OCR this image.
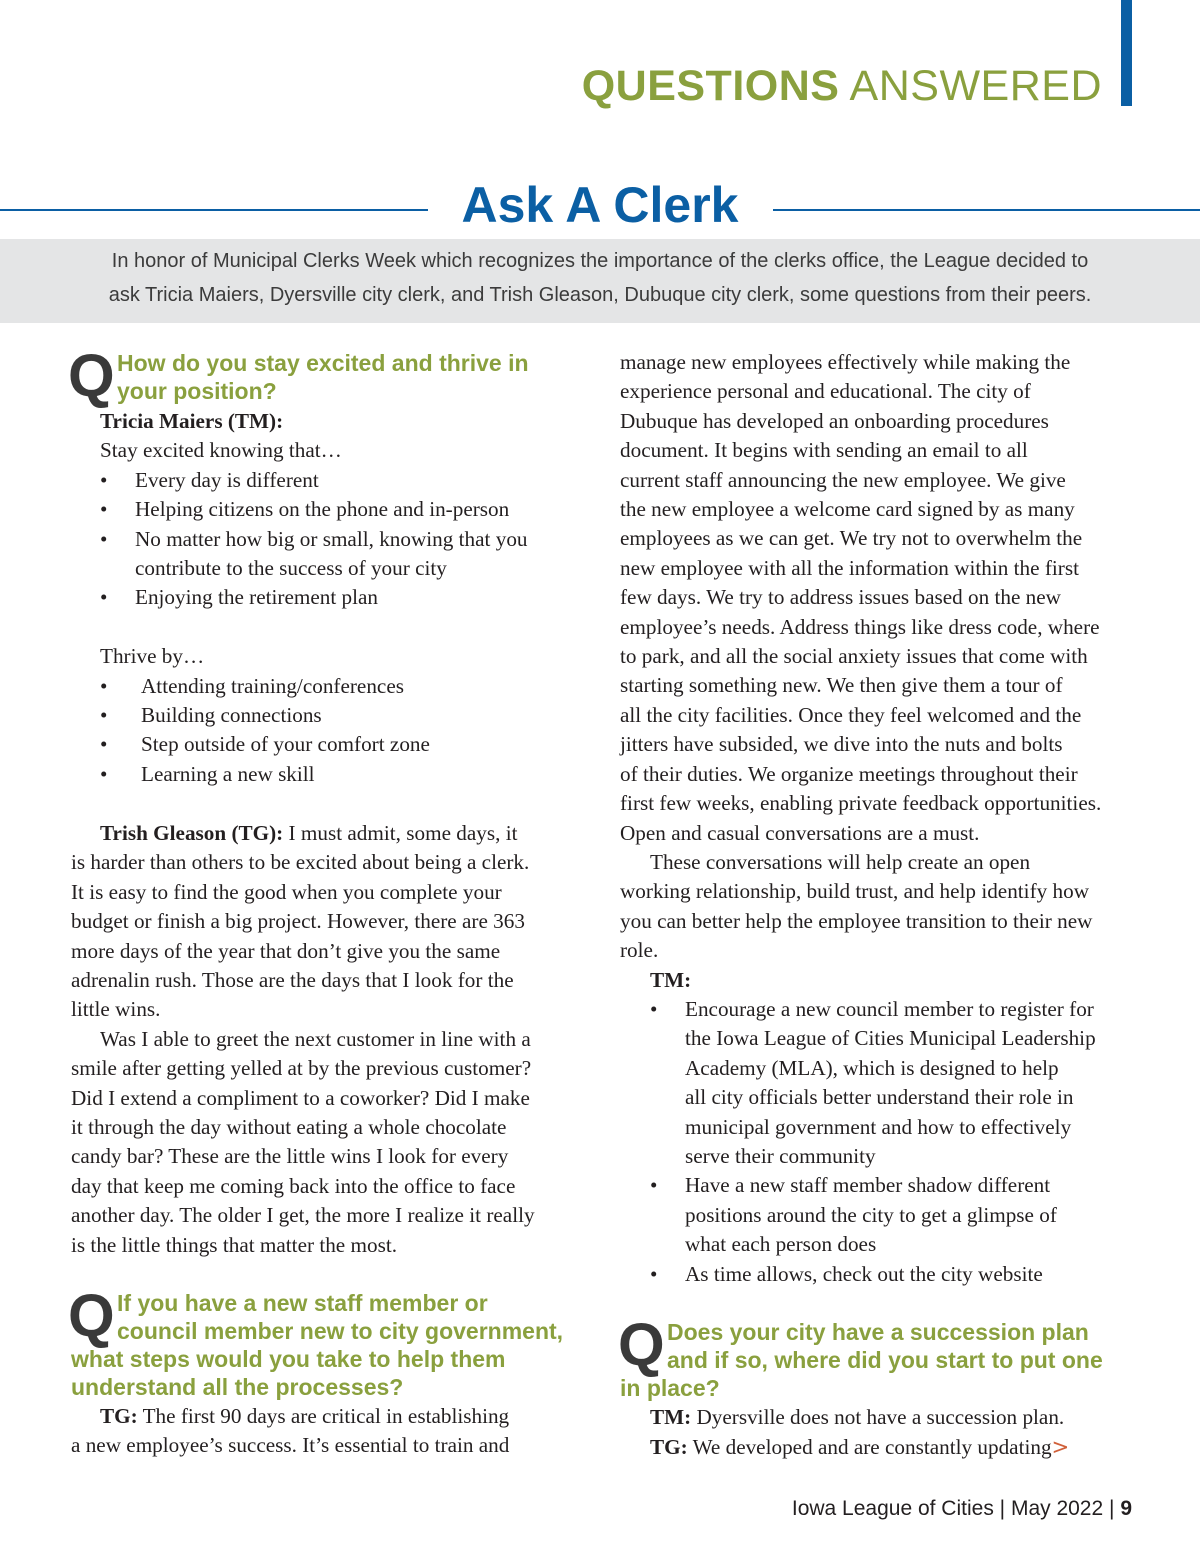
QUESTIONS ANSWERED
Ask A Clerk

In honor of Municipal Clerks Week which recognizes the importance of the clerks office, the League decided to
ask Tricia Maiers, Dyersville city clerk, and Trish Gleason, Dubuque city clerk, some questions from their peers.

Q How do you stay excited and thrive in

your position?

Tricia Maiers (TM):

Stay excited knowing that…

• Every day is different

• Helping citizens on the phone and in-person

• No matter how big or small, knowing that you

contribute to the success of your city

• Enjoying the retirement plan

Thrive by…

• Attending training/conferences

• Building connections

• Step outside of your comfort zone

• Learning a new skill

Trish Gleason (TG): I must admit, some days, it

is harder than others to be excited about being a clerk.

It is easy to find the good when you complete your

budget or finish a big project. However, there are 363

more days of the year that don’t give you the same

adrenalin rush. Those are the days that I look for the

little wins.

Was I able to greet the next customer in line with a

smile after getting yelled at by the previous customer?

Did I extend a compliment to a coworker? Did I make

it through the day without eating a whole chocolate

candy bar? These are the little wins I look for every

day that keep me coming back into the office to face

another day. The older I get, the more I realize it really

is the little things that matter the most.

Q If you have a new staff member or

council member new to city government,

what steps would you take to help them

understand all the processes?

TG: The first 90 days are critical in establishing

a new employee’s success. It’s essential to train and

manage new employees effectively while making the

experience personal and educational. The city of

Dubuque has developed an onboarding procedures

document. It begins with sending an email to all

current staff announcing the new employee. We give

the new employee a welcome card signed by as many

employees as we can get. We try not to overwhelm the

new employee with all the information within the first

few days. We try to address issues based on the new

employee’s needs. Address things like dress code, where

to park, and all the social anxiety issues that come with

starting something new. We then give them a tour of

all the city facilities. Once they feel welcomed and the

jitters have subsided, we dive into the nuts and bolts

of their duties. We organize meetings throughout their

first few weeks, enabling private feedback opportunities.

Open and casual conversations are a must.

These conversations will help create an open

working relationship, build trust, and help identify how

you can better help the employee transition to their new

role.

TM:

• Encourage a new council member to register for

the Iowa League of Cities Municipal Leadership

Academy (MLA), which is designed to help

all city officials better understand their role in

municipal government and how to effectively

serve their community

• Have a new staff member shadow different

positions around the city to get a glimpse of

what each person does

• As time allows, check out the city website

Q Does your city have a succession plan

and if so, where did you start to put one

in place?

TM: Dyersville does not have a succession plan.

TG: We developed and are constantly updating>

Iowa League of Cities | May 2022 | 9
